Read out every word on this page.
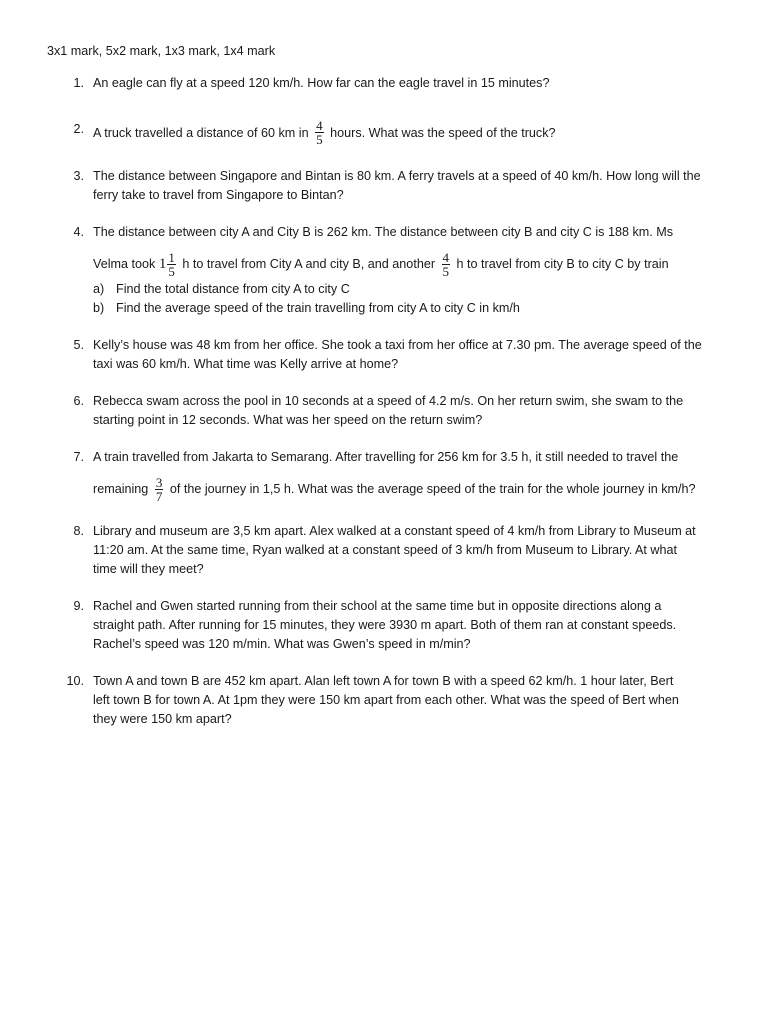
3x1 mark, 5x2 mark, 1x3 mark, 1x4 mark
1. An eagle can fly at a speed 120 km/h. How far can the eagle travel in 15 minutes?
2. A truck travelled a distance of 60 km in $\frac{4}{5}$ hours. What was the speed of the truck?
3. The distance between Singapore and Bintan is 80 km. A ferry travels at a speed of 40 km/h. How long will the
ferry take to travel from Singapore to Bintan?
4. The distance between city A and City B is 262 km. The distance between city B and city C is 188 km. Ms
Velma took $1 \frac{1}{5}$ h to travel from City A and city B, and another $\frac{4}{5}$ h to travel from city B to city C by train
a) Find the total distance from city A to city C
b) Find the average speed of the train travelling from city A to city C in km/h
5. Kelly’s house was 48 km from her office. She took a taxi from her office at 7.30 pm. The average speed of the
taxi was 60 km/h. What time was Kelly arrive at home?
6. Rebecca swam across the pool in 10 seconds at a speed of 4.2 m/s. On her return swim, she swam to the
starting point in 12 seconds. What was her speed on the return swim?
7. A train travelled from Jakarta to Semarang. After travelling for 256 km for 3.5 h, it still needed to travel the
remaining $\frac{3}{7}$ of the journey in 1,5 h. What was the average speed of the train for the whole journey in km/h?
8. Library and museum are 3,5 km apart. Alex walked at a constant speed of 4 km/h from Library to Museum at
11:20 am. At the same time, Ryan walked at a constant speed of 3 km/h from Museum to Library. At what
time will they meet?
9. Rachel and Gwen started running from their school at the same time but in opposite directions along a
straight path. After running for 15 minutes, they were 3930 m apart. Both of them ran at constant speeds.
Rachel’s speed was 120 m/min. What was Gwen’s speed in m/min?
10. Town A and town B are 452 km apart. Alan left town A for town B with a speed 62 km/h. 1 hour later, Bert
left town B for town A. At 1pm they were 150 km apart from each other. What was the speed of Bert when
they were 150 km apart?
